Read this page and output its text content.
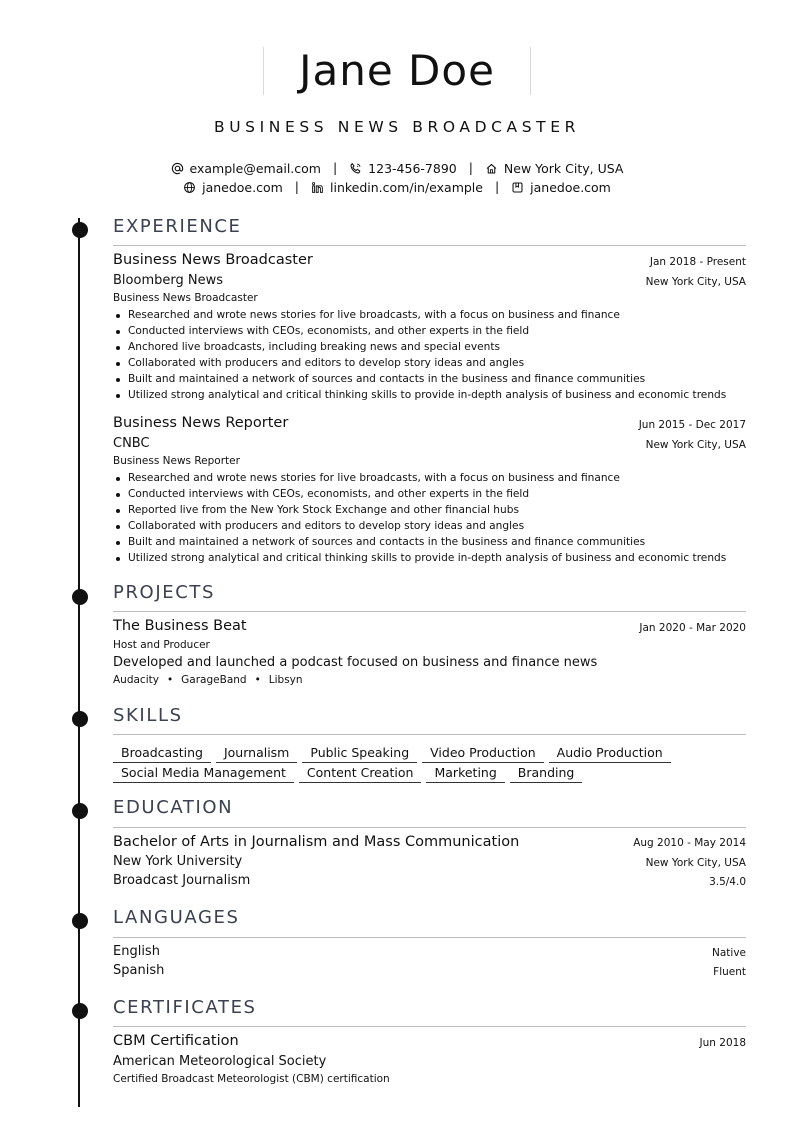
Jane Doe
BUSINESS NEWS BROADCASTER
example@email.com | 123-456-7890 | New York City, USA
janedoe.com | linkedin.com/in/example | janedoe.com
EXPERIENCE
Business News Broadcaster	Jan 2018 - Present
Bloomberg News	New York City, USA
Business News Broadcaster
Researched and wrote news stories for live broadcasts, with a focus on business and finance
Conducted interviews with CEOs, economists, and other experts in the field
Anchored live broadcasts, including breaking news and special events
Collaborated with producers and editors to develop story ideas and angles
Built and maintained a network of sources and contacts in the business and finance communities
Utilized strong analytical and critical thinking skills to provide in-depth analysis of business and economic trends
Business News Reporter	Jun 2015 - Dec 2017
CNBC	New York City, USA
Business News Reporter
Researched and wrote news stories for live broadcasts, with a focus on business and finance
Conducted interviews with CEOs, economists, and other experts in the field
Reported live from the New York Stock Exchange and other financial hubs
Collaborated with producers and editors to develop story ideas and angles
Built and maintained a network of sources and contacts in the business and finance communities
Utilized strong analytical and critical thinking skills to provide in-depth analysis of business and economic trends
PROJECTS
The Business Beat	Jan 2020 - Mar 2020
Host and Producer
Developed and launched a podcast focused on business and finance news
Audacity • GarageBand • Libsyn
SKILLS
Broadcasting Journalism Public Speaking Video Production Audio Production
Social Media Management Content Creation Marketing Branding
EDUCATION
Bachelor of Arts in Journalism and Mass Communication	Aug 2010 - May 2014
New York University	New York City, USA
Broadcast Journalism	3.5/4.0
LANGUAGES
English	Native
Spanish	Fluent
CERTIFICATES
CBM Certification	Jun 2018
American Meteorological Society
Certified Broadcast Meteorologist (CBM) certification
